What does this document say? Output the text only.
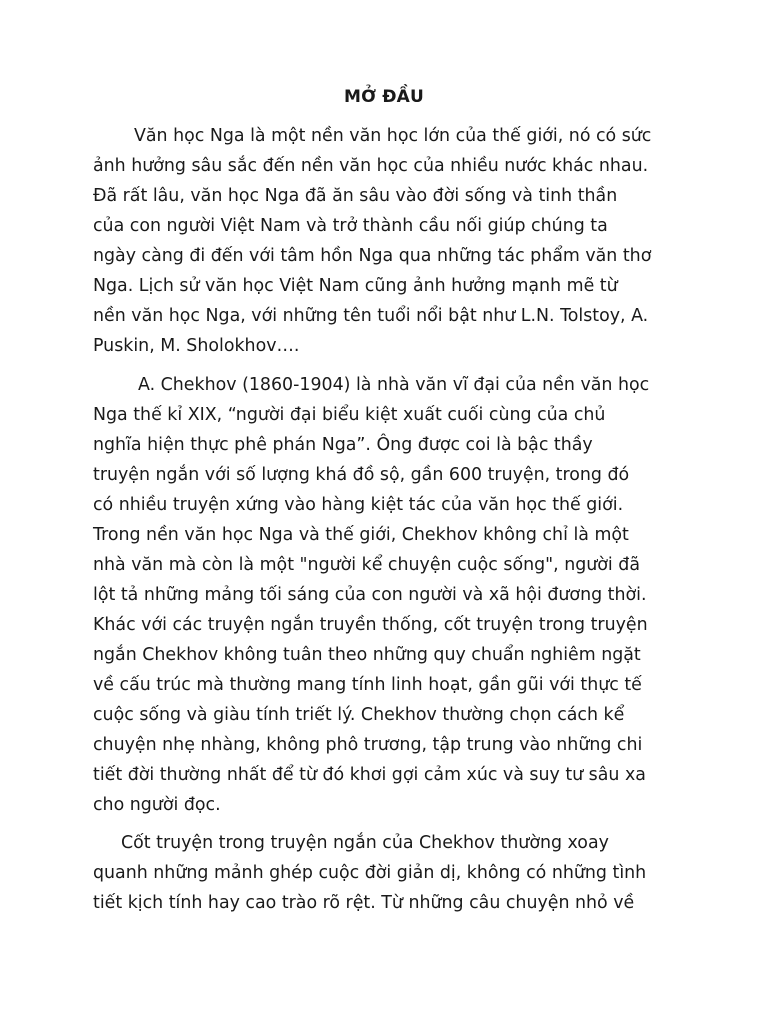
MỞ ĐẦU
Văn học Nga là một nền văn học lớn của thế giới, nó có sức
ảnh hưởng sâu sắc đến nền văn học của nhiều nước khác nhau.
Đã rất lâu, văn học Nga đã ăn sâu vào đời sống và tinh thần
của con người Việt Nam và trở thành cầu nối giúp chúng ta
ngày càng đi đến với tâm hồn Nga qua những tác phẩm văn thơ
Nga. Lịch sử văn học Việt Nam cũng ảnh hưởng mạnh mẽ từ
nền văn học Nga, với những tên tuổi nổi bật như L.N. Tolstoy, A.
Puskin, M. Sholokhov….
A. Chekhov (1860-1904) là nhà văn vĩ đại của nền văn học
Nga thế kỉ XIX, “người đại biểu kiệt xuất cuối cùng của chủ
nghĩa hiện thực phê phán Nga”. Ông được coi là bậc thầy
truyện ngắn với số lượng khá đồ sộ, gần 600 truyện, trong đó
có nhiều truyện xứng vào hàng kiệt tác của văn học thế giới.
Trong nền văn học Nga và thế giới, Chekhov không chỉ là một
nhà văn mà còn là một "người kể chuyện cuộc sống", người đã
lột tả những mảng tối sáng của con người và xã hội đương thời.
Khác với các truyện ngắn truyền thống, cốt truyện trong truyện
ngắn Chekhov không tuân theo những quy chuẩn nghiêm ngặt
về cấu trúc mà thường mang tính linh hoạt, gần gũi với thực tế
cuộc sống và giàu tính triết lý. Chekhov thường chọn cách kể
chuyện nhẹ nhàng, không phô trương, tập trung vào những chi
tiết đời thường nhất để từ đó khơi gợi cảm xúc và suy tư sâu xa
cho người đọc.
Cốt truyện trong truyện ngắn của Chekhov thường xoay
quanh những mảnh ghép cuộc đời giản dị, không có những tình
tiết kịch tính hay cao trào rõ rệt. Từ những câu chuyện nhỏ về
